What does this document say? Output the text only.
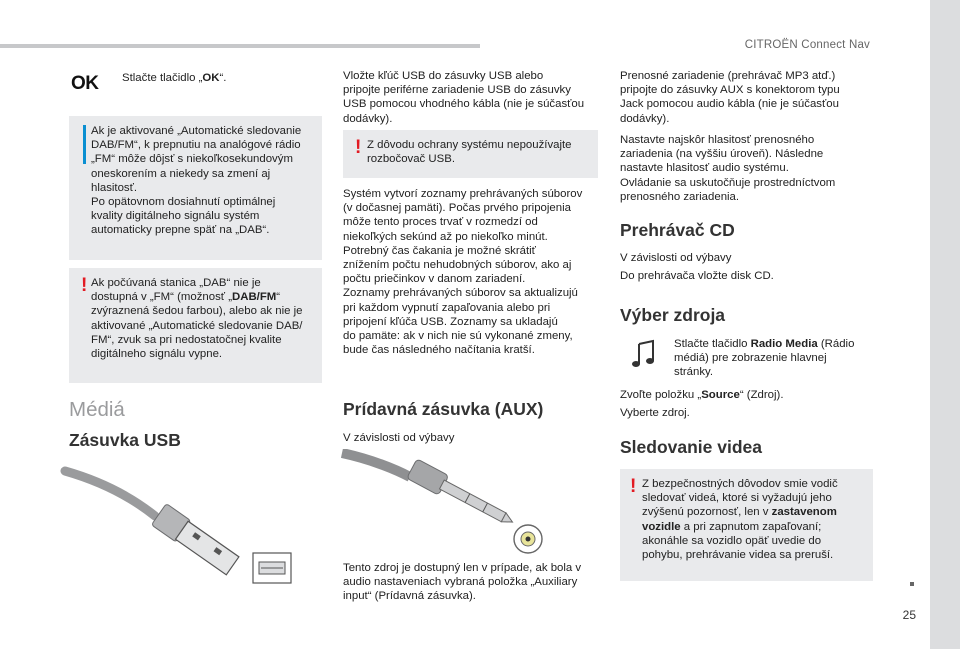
CITROËN Connect Nav
25
OK Stlačte tlačidlo „OK“.

Ak je aktivované „Automatické sledovanie

DAB/FM“, k prepnutiu na analógové rádio

„FM“ môže dôjsť s niekoľkosekundovým

oneskorením a niekedy sa zmení aj

hlasitosť.

Po opätovnom dosiahnutí optimálnej

kvality digitálneho signálu systém

automaticky prepne späť na „DAB“.

! Ak počúvaná stanica „DAB“ nie je

dostupná v „FM“ (možnosť „DAB/FM“

zvýraznená šedou farbou), alebo ak nie je

aktivované „Automatické sledovanie DAB/

FM“, zvuk sa pri nedostatočnej kvalite

digitálneho signálu vypne.

Médiá
Zásuvka USB

Vložte kľúč USB do zásuvky USB alebo

pripojte periférne zariadenie USB do zásuvky

USB pomocou vhodného kábla (nie je súčasťou

dodávky).

! Z dôvodu ochrany systému nepoužívajte

rozbočovač USB.

Systém vytvorí zoznamy prehrávaných súborov

(v dočasnej pamäti). Počas prvého pripojenia

môže tento proces trvať v rozmedzí od

niekoľkých sekúnd až po niekoľko minút.

Potrebný čas čakania je možné skrátiť

znížením počtu nehudobných súborov, ako aj

počtu priečinkov v danom zariadení.

Zoznamy prehrávaných súborov sa aktualizujú

pri každom vypnutí zapaľovania alebo pri

pripojení kľúča USB. Zoznamy sa ukladajú

do pamäte: ak v nich nie sú vykonané zmeny,

bude čas následného načítania kratší.

Prídavná zásuvka (AUX)

V závislosti od výbavy

Tento zdroj je dostupný len v prípade, ak bola v

audio nastaveniach vybraná položka „Auxiliary

input“ (Prídavná zásuvka).

Prenosné zariadenie (prehrávač MP3 atď.)

pripojte do zásuvky AUX s konektorom typu

Jack pomocou audio kábla (nie je súčasťou

dodávky).

Nastavte najskôr hlasitosť prenosného

zariadenia (na vyššiu úroveň). Následne

nastavte hlasitosť audio systému.

Ovládanie sa uskutočňuje prostredníctvom

prenosného zariadenia.

Prehrávač CD

V závislosti od výbavy

Do prehrávača vložte disk CD.

Výber zdroja

Stlačte tlačidlo Radio Media (Rádio

médiá) pre zobrazenie hlavnej

stránky.

Zvoľte položku „Source“ (Zdroj).

Vyberte zdroj.

Sledovanie videa
! Z bezpečnostných dôvodov smie vodič

sledovať videá, ktoré si vyžadujú jeho

zvýšenú pozornosť, len v zastavenom

vozidle a pri zapnutom zapaľovaní;

akonáhle sa vozidlo opäť uvedie do

pohybu, prehrávanie videa sa preruší.
